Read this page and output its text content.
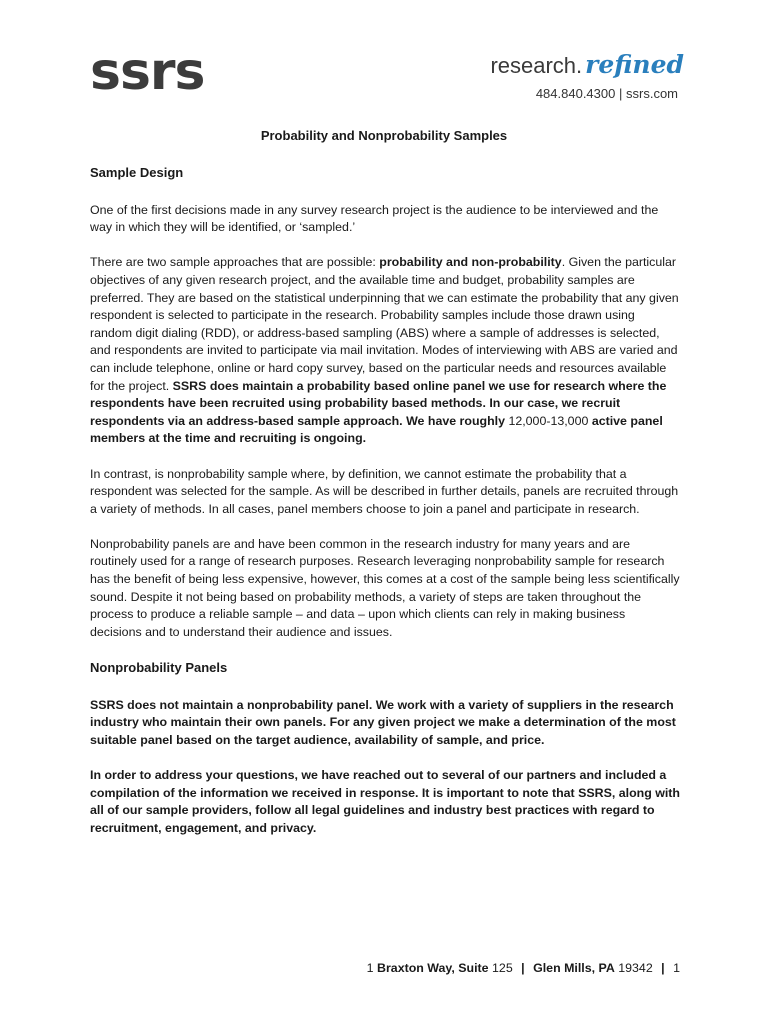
ssrs	research. refined
484.840.4300 | ssrs.com
Probability and Nonprobability Samples
Sample Design

One of the first decisions made in any survey research project is the audience to be interviewed and the way in which they will be identified, or ‘sampled.’

There are two sample approaches that are possible: probability and non-probability. Given the particular objectives of any given research project, and the available time and budget, probability samples are preferred. They are based on the statistical underpinning that we can estimate the probability that any given respondent is selected to participate in the research. Probability samples include those drawn using random digit dialing (RDD), or address-based sampling (ABS) where a sample of addresses is selected, and respondents are invited to participate via mail invitation. Modes of interviewing with ABS are varied and can include telephone, online or hard copy survey, based on the particular needs and resources available for the project. SSRS does maintain a probability based online panel we use for research where the respondents have been recruited using probability based methods. In our case, we recruit respondents via an address-based sample approach. We have roughly 12,000-13,000 active panel members at the time and recruiting is ongoing.

In contrast, is nonprobability sample where, by definition, we cannot estimate the probability that a respondent was selected for the sample. As will be described in further details, panels are recruited through a variety of methods. In all cases, panel members choose to join a panel and participate in research.

Nonprobability panels are and have been common in the research industry for many years and are routinely used for a range of research purposes. Research leveraging nonprobability sample for research has the benefit of being less expensive, however, this comes at a cost of the sample being less scientifically sound. Despite it not being based on probability methods, a variety of steps are taken throughout the process to produce a reliable sample – and data – upon which clients can rely in making business decisions and to understand their audience and issues.

Nonprobability Panels

SSRS does not maintain a nonprobability panel. We work with a variety of suppliers in the research industry who maintain their own panels. For any given project we make a determination of the most suitable panel based on the target audience, availability of sample, and price.

In order to address your questions, we have reached out to several of our partners and included a compilation of the information we received in response. It is important to note that SSRS, along with all of our sample providers, follow all legal guidelines and industry best practices with regard to recruitment, engagement, and privacy.

1 Braxton Way, Suite 125 | Glen Mills, PA 19342 | 1
